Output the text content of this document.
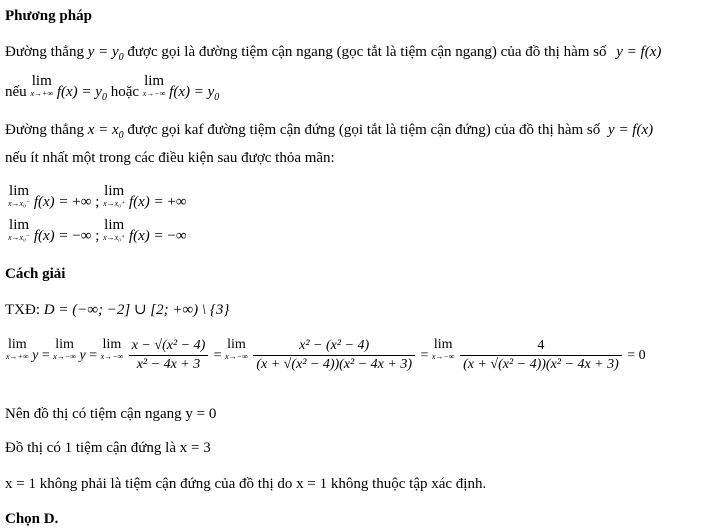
Phương pháp
Đường thẳng $y = y_0$ được gọi là đường tiệm cận ngang (gọc tắt là tiệm cận ngang) của đồ thị hàm số y = f(x)
nếu
lim
x→+∞ $f(x) = y_0$ hoặc
lim
x→−∞ $f(x) = y_0$
Đường thẳng $x = x_0$ được gọi kaf đường tiệm cận đứng (gọi tắt là tiệm cận đứng) của đồ thị hàm số y = f(x)
nếu ít nhất một trong các điều kiện sau được thỏa mãn:
lim
x→x₀⁻ f(x) = +∞ ;
lim
x→x₀⁺ f(x) = +∞
lim
x→x₀⁻ f(x) = −∞ ;
lim
x→x₀⁺ f(x) = −∞
Cách giải
TXĐ: D = (−∞; −2] ∪ [2; +∞) \ {3}
lim
x→+∞ y =
lim
x→−∞ y =
lim
x→−∞
$\frac{\text{x − √(x² − 4)}}{\text{x² − 4x + 3}}$ =
lim
x→−∞
$\frac{\text{x² − (x² − 4)}}{\text{(x + √(x² − 4))(x² − 4x + 3)}}$ =
lim
x→−∞
$\frac{4}{\text{(x + √(x² − 4))(x² − 4x + 3)}} = 0$
Nên đồ thị có tiệm cận ngang y = 0
Đồ thị có 1 tiệm cận đứng là x = 3
x = 1 không phải là tiệm cận đứng của đồ thị do x = 1 không thuộc tập xác định.
Chọn D.
